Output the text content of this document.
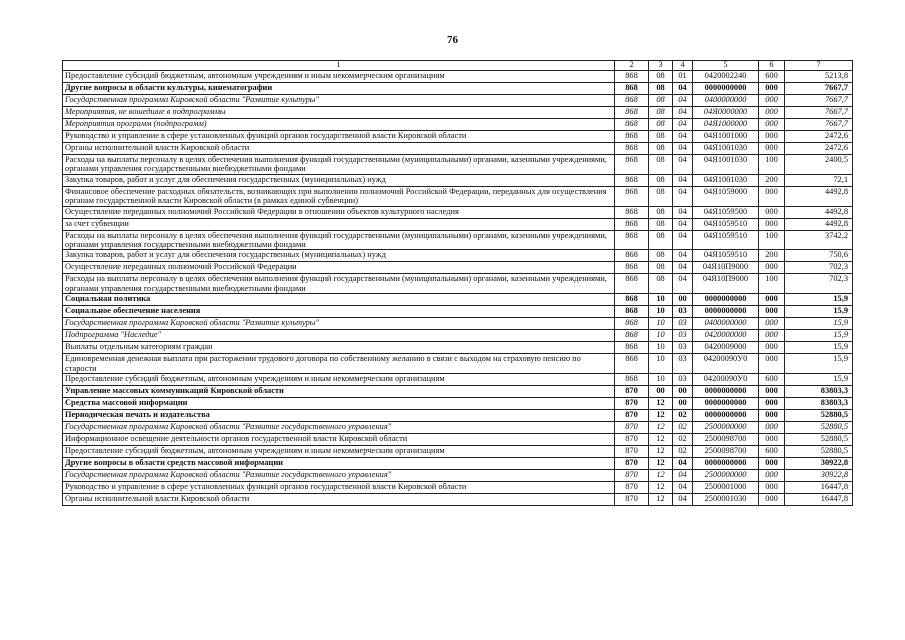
76
1	2	3	4	5	6	7
Предоставление субсидий бюджетным, автономным учреждениям и иным некоммерческим организациям	868	08	01	0420002240	600	5213,8
Другие вопросы в области культуры, кинематографии	868	08	04	0000000000	000	7667,7
Государственная программа Кировской области "Развитие культуры"	868	08	04	0400000000	000	7667,7
Мероприятия, не вошедшие в подпрограммы	868	08	04	04Я0000000	000	7667,7
Мероприятия программ (подпрограмм)	868	08	04	04Я1000000	000	7667,7
Руководство и управление в сфере установленных функций органов государственной власти Кировской области	868	08	04	04Я1001000	000	2472,6
Органы исполнительной власти Кировской области	868	08	04	04Я1001030	000	2472,6
Расходы на выплаты персоналу в целях обеспечения выполнения функций государственными (муниципальными) органами, казенными учреждениями, органами управления государственными внебюджетными фондами	868	08	04	04Я1001030	100	2400,5
Закупка товаров, работ и услуг для обеспечения государственных (муниципальных) нужд	868	08	04	04Я1001030	200	72,1
Финансовое обеспечение расходных обязательств, возникающих при выполнении полномочий Российской Федерации, переданных для осуществления органам государственной власти Кировской области (в рамках единой субвенции)	868	08	04	04Я1059000	000	4492,8
Осуществление переданных полномочий Российской Федерации в отношении объектов культурного наследия	868	08	04	04Я1059500	000	4492,8
за счет субвенции	868	08	04	04Я1059510	000	4492,8
Расходы на выплаты персоналу в целях обеспечения выполнения функций государственными (муниципальными) органами, казенными учреждениями, органами управления государственными внебюджетными фондами	868	08	04	04Я1059510	100	3742,2
Закупка товаров, работ и услуг для обеспечения государственных (муниципальных) нужд	868	08	04	04Я1059510	200	750,6
Осуществление переданных полномочий Российской Федерации	868	08	04	04Я10П9000	000	702,3
Расходы на выплаты персоналу в целях обеспечения выполнения функций государственными (муниципальными) органами, казенными учреждениями, органами управления государственными внебюджетными фондами	868	08	04	04Я10П9000	100	702,3
Социальная политика	868	10	00	0000000000	000	15,9
Социальное обеспечение населения	868	10	03	0000000000	000	15,9
Государственная программа Кировской области "Развитие культуры"	868	10	03	0400000000	000	15,9
Подпрограмма "Наследие"	868	10	03	0420000000	000	15,9
Выплаты отдельным категориям граждан	868	10	03	0420009000	000	15,9
Единовременная денежная выплата при расторжении трудового договора по собственному желанию в связи с выходом на страховую пенсию по старости	868	10	03	04200090У0	000	15,9
Предоставление субсидий бюджетным, автономным учреждениям и иным некоммерческим организациям	868	10	03	04200090У0	600	15,9
Управление массовых коммуникаций Кировской области	870	00	00	0000000000	000	83803,3
Средства массовой информации	870	12	00	0000000000	000	83803,3
Периодическая печать и издательства	870	12	02	0000000000	000	52880,5
Государственная программа Кировской области "Развитие государственного управления"	870	12	02	2500000000	000	52880,5
Информационное освещение деятельности органов государственной власти Кировской области	870	12	02	2500098700	000	52880,5
Предоставление субсидий бюджетным, автономным учреждениям и иным некоммерческим организациям	870	12	02	2500098700	600	52880,5
Другие вопросы в области средств массовой информации	870	12	04	0000000000	000	30922,8
Государственная программа Кировской области "Развитие государственного управления"	870	12	04	2500000000	000	30922,8
Руководство и управление в сфере установленных функций органов государственной власти Кировской области	870	12	04	2500001000	000	16447,8
Органы исполнительной власти Кировской области	870	12	04	2500001030	000	16447,8
